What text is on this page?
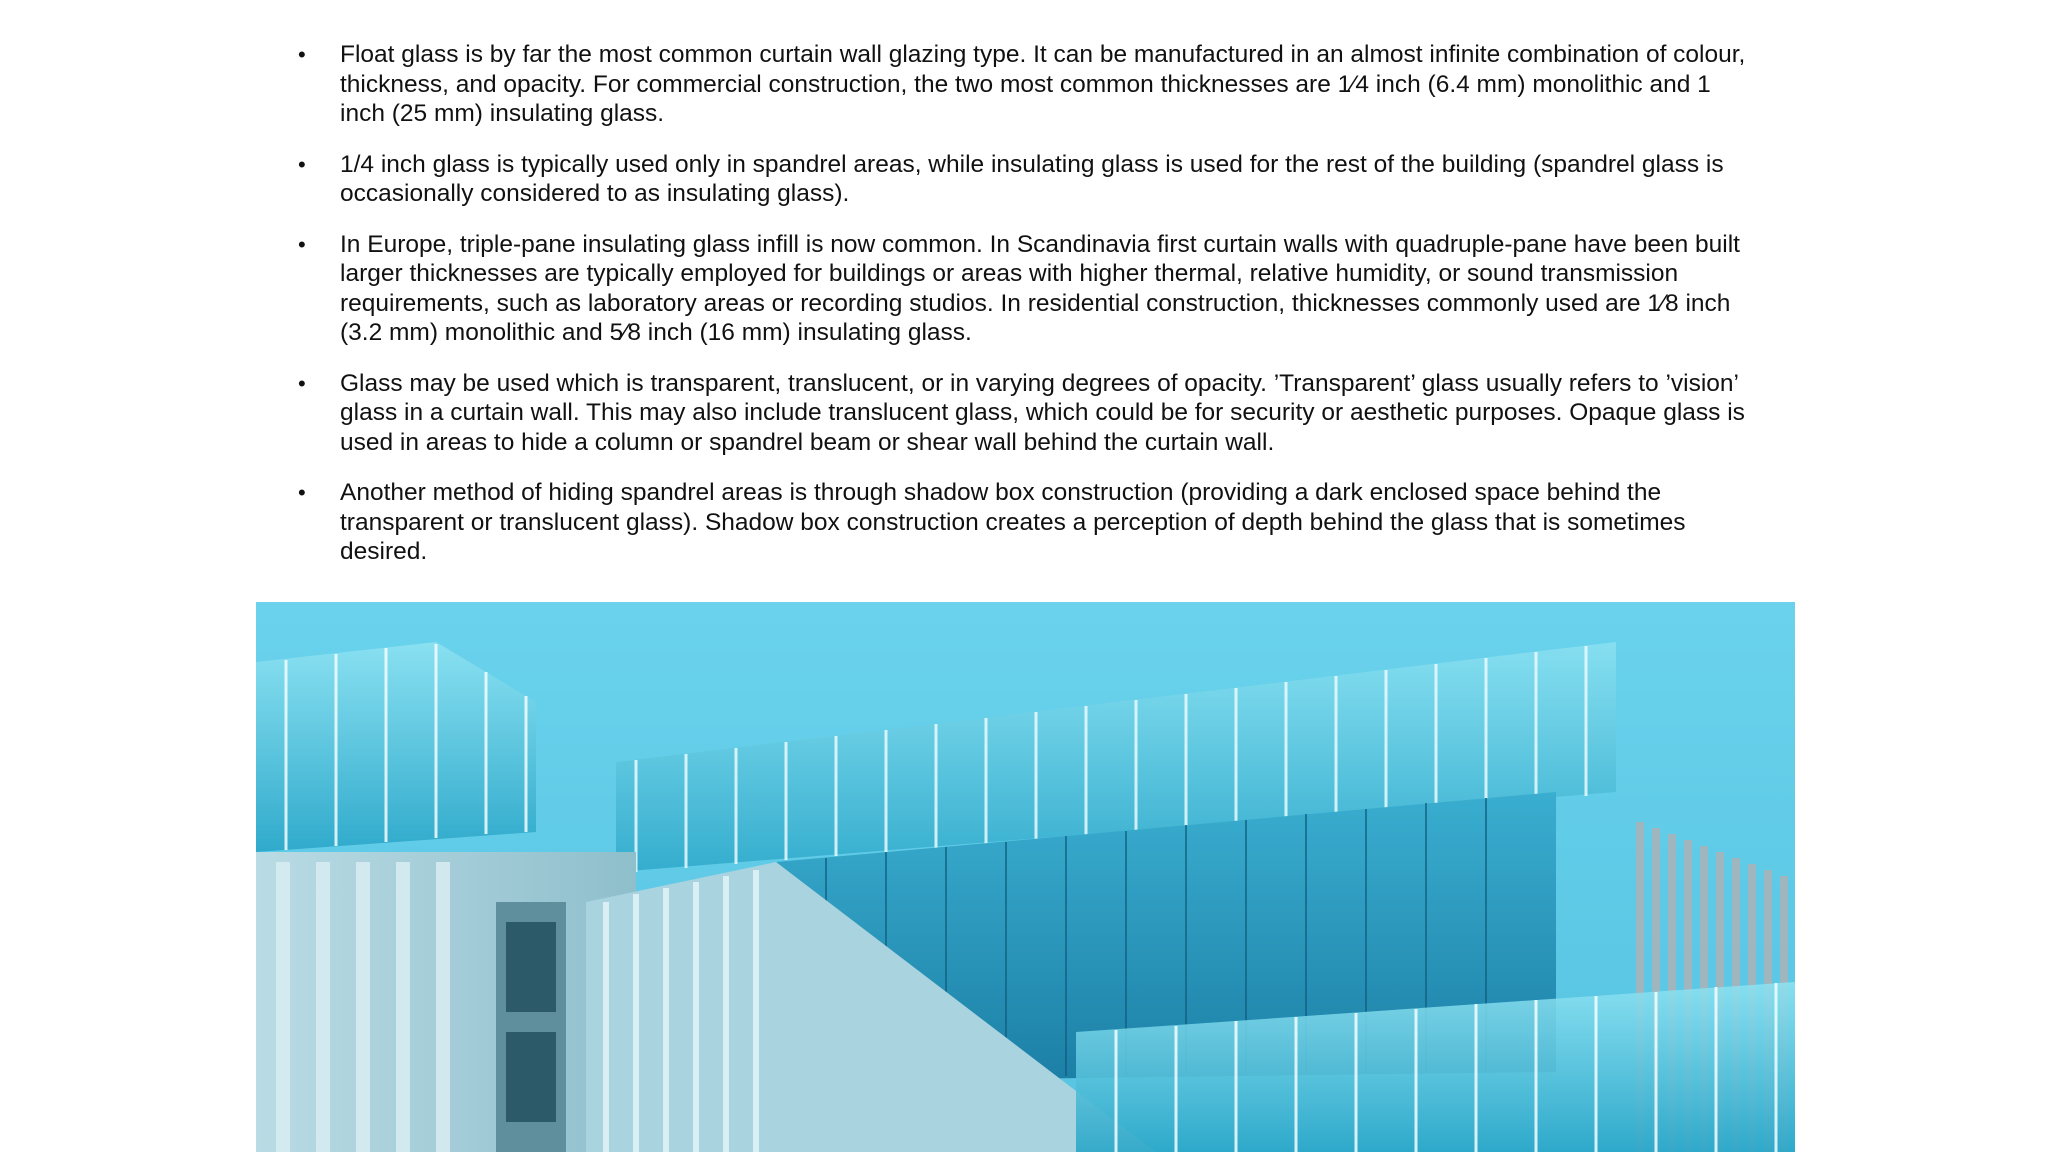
• Float glass is by far the most common curtain wall glazing type. It can be manufactured in an almost infinite combination of colour, thickness, and opacity. For commercial construction, the two most common thicknesses are 1⁄4 inch (6.4 mm) monolithic and 1 inch (25 mm) insulating glass.
• 1/4 inch glass is typically used only in spandrel areas, while insulating glass is used for the rest of the building (spandrel glass is occasionally considered to as insulating glass).
• In Europe, triple-pane insulating glass infill is now common. In Scandinavia first curtain walls with quadruple-pane have been built larger thicknesses are typically employed for buildings or areas with higher thermal, relative humidity, or sound transmission requirements, such as laboratory areas or recording studios. In residential construction, thicknesses commonly used are 1⁄8 inch (3.2 mm) monolithic and 5⁄8 inch (16 mm) insulating glass.
• Glass may be used which is transparent, translucent, or in varying degrees of opacity. ’Transparent’ glass usually refers to ’vision’ glass in a curtain wall. This may also include translucent glass, which could be for security or aesthetic purposes. Opaque glass is used in areas to hide a column or spandrel beam or shear wall behind the curtain wall.
• Another method of hiding spandrel areas is through shadow box construction (providing a dark enclosed space behind the transparent or translucent glass). Shadow box construction creates a perception of depth behind the glass that is sometimes desired.
